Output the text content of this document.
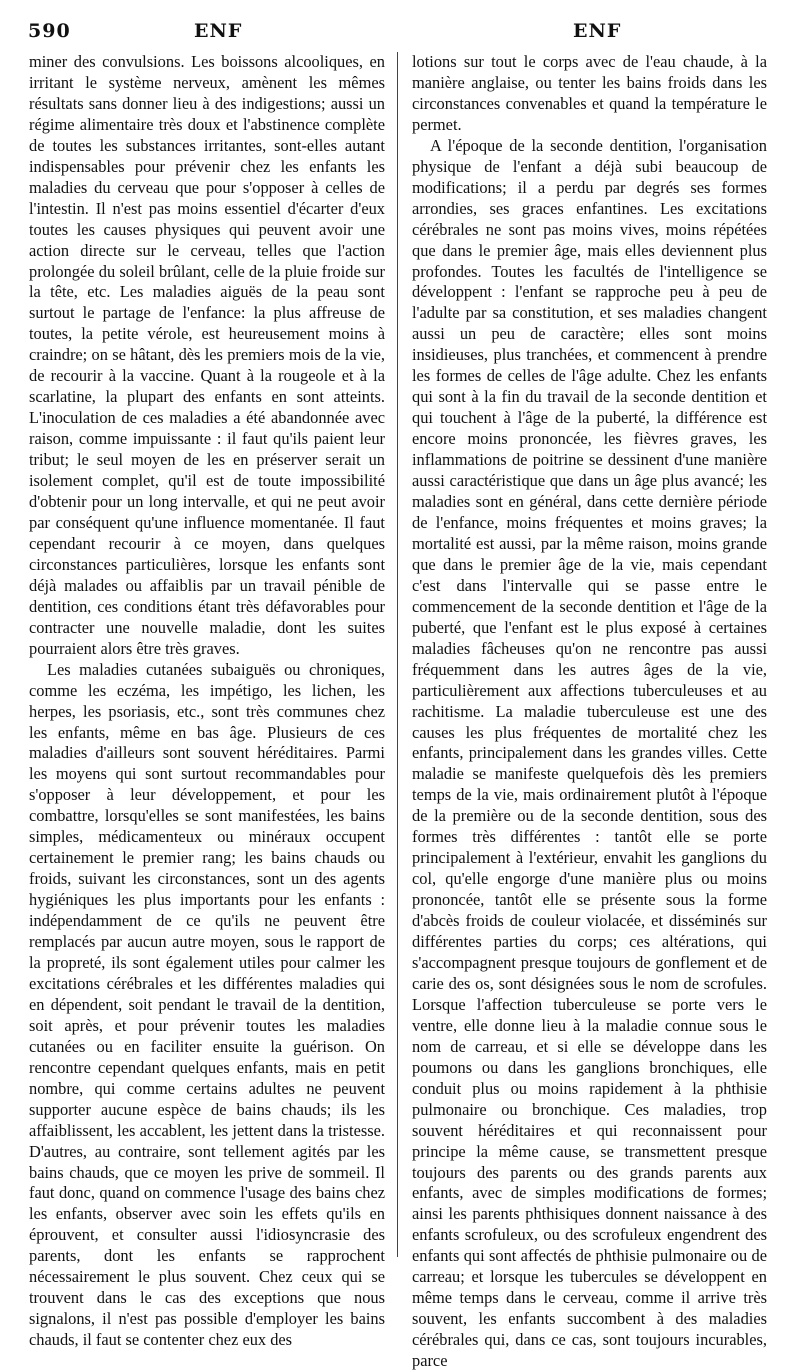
590	ENF	ENF

miner des convulsions. Les boissons alcooliques, en irritant le système nerveux, amènent les mêmes résultats sans donner lieu à des indigestions; aussi un régime alimentaire très doux et l'abstinence complète de toutes les substances irritantes, sont-elles autant indispensables pour prévenir chez les enfants les maladies du cerveau que pour s'opposer à celles de l'intestin. Il n'est pas moins essentiel d'écarter d'eux toutes les causes physiques qui peuvent avoir une action directe sur le cerveau, telles que l'action prolongée du soleil brûlant, celle de la pluie froide sur la tête, etc. Les maladies aiguës de la peau sont surtout le partage de l'enfance: la plus affreuse de toutes, la petite vérole, est heureusement moins à craindre; on se hâtant, dès les premiers mois de la vie, de recourir à la vaccine. Quant à la rougeole et à la scarlatine, la plupart des enfants en sont atteints. L'inoculation de ces maladies a été abandonnée avec raison, comme impuissante : il faut qu'ils paient leur tribut; le seul moyen de les en préserver serait un isolement complet, qu'il est de toute impossibilité d'obtenir pour un long intervalle, et qui ne peut avoir par conséquent qu'une influence momentanée. Il faut cependant recourir à ce moyen, dans quelques circonstances particulières, lorsque les enfants sont déjà malades ou affaiblis par un travail pénible de dentition, ces conditions étant très défavorables pour contracter une nouvelle maladie, dont les suites pourraient alors être très graves.

Les maladies cutanées subaiguës ou chroniques, comme les eczéma, les impétigo, les lichen, les herpes, les psoriasis, etc., sont très communes chez les enfants, même en bas âge. Plusieurs de ces maladies d'ailleurs sont souvent héréditaires. Parmi les moyens qui sont surtout recommandables pour s'opposer à leur développement, et pour les combattre, lorsqu'elles se sont manifestées, les bains simples, médicamenteux ou minéraux occupent certainement le premier rang; les bains chauds ou froids, suivant les circonstances, sont un des agents hygiéniques les plus importants pour les enfants : indépendamment de ce qu'ils ne peuvent être remplacés par aucun autre moyen, sous le rapport de la propreté, ils sont également utiles pour calmer les excitations cérébrales et les différentes maladies qui en dépendent, soit pendant le travail de la dentition, soit après, et pour prévenir toutes les maladies cutanées ou en faciliter ensuite la guérison. On rencontre cependant quelques enfants, mais en petit nombre, qui comme certains adultes ne peuvent supporter aucune espèce de bains chauds; ils les affaiblissent, les accablent, les jettent dans la tristesse. D'autres, au contraire, sont tellement agités par les bains chauds, que ce moyen les prive de sommeil. Il faut donc, quand on commence l'usage des bains chez les enfants, observer avec soin les effets qu'ils en éprouvent, et consulter aussi l'idiosyncrasie des parents, dont les enfants se rapprochent nécessairement le plus souvent. Chez ceux qui se trouvent dans le cas des exceptions que nous signalons, il n'est pas possible d'employer les bains chauds, il faut se contenter chez eux des

lotions sur tout le corps avec de l'eau chaude, à la manière anglaise, ou tenter les bains froids dans les circonstances convenables et quand la température le permet.

A l'époque de la seconde dentition, l'organisation physique de l'enfant a déjà subi beaucoup de modifications; il a perdu par degrés ses formes arrondies, ses graces enfantines. Les excitations cérébrales ne sont pas moins vives, moins répétées que dans le premier âge, mais elles deviennent plus profondes. Toutes les facultés de l'intelligence se développent : l'enfant se rapproche peu à peu de l'adulte par sa constitution, et ses maladies changent aussi un peu de caractère; elles sont moins insidieuses, plus tranchées, et commencent à prendre les formes de celles de l'âge adulte. Chez les enfants qui sont à la fin du travail de la seconde dentition et qui touchent à l'âge de la puberté, la différence est encore moins prononcée, les fièvres graves, les inflammations de poitrine se dessinent d'une manière aussi caractéristique que dans un âge plus avancé; les maladies sont en général, dans cette dernière période de l'enfance, moins fréquentes et moins graves; la mortalité est aussi, par la même raison, moins grande que dans le premier âge de la vie, mais cependant c'est dans l'intervalle qui se passe entre le commencement de la seconde dentition et l'âge de la puberté, que l'enfant est le plus exposé à certaines maladies fâcheuses qu'on ne rencontre pas aussi fréquemment dans les autres âges de la vie, particulièrement aux affections tuberculeuses et au rachitisme. La maladie tuberculeuse est une des causes les plus fréquentes de mortalité chez les enfants, principalement dans les grandes villes. Cette maladie se manifeste quelquefois dès les premiers temps de la vie, mais ordinairement plutôt à l'époque de la première ou de la seconde dentition, sous des formes très différentes : tantôt elle se porte principalement à l'extérieur, envahit les ganglions du col, qu'elle engorge d'une manière plus ou moins prononcée, tantôt elle se présente sous la forme d'abcès froids de couleur violacée, et disséminés sur différentes parties du corps; ces altérations, qui s'accompagnent presque toujours de gonflement et de carie des os, sont désignées sous le nom de scrofules. Lorsque l'affection tuberculeuse se porte vers le ventre, elle donne lieu à la maladie connue sous le nom de carreau, et si elle se développe dans les poumons ou dans les ganglions bronchiques, elle conduit plus ou moins rapidement à la phthisie pulmonaire ou bronchique. Ces maladies, trop souvent héréditaires et qui reconnaissent pour principe la même cause, se transmettent presque toujours des parents ou des grands parents aux enfants, avec de simples modifications de formes; ainsi les parents phthisiques donnent naissance à des enfants scrofuleux, ou des scrofuleux engendrent des enfants qui sont affectés de phthisie pulmonaire ou de carreau; et lorsque les tubercules se développent en même temps dans le cerveau, comme il arrive très souvent, les enfants succombent à des maladies cérébrales qui, dans ce cas, sont toujours incurables, parce
